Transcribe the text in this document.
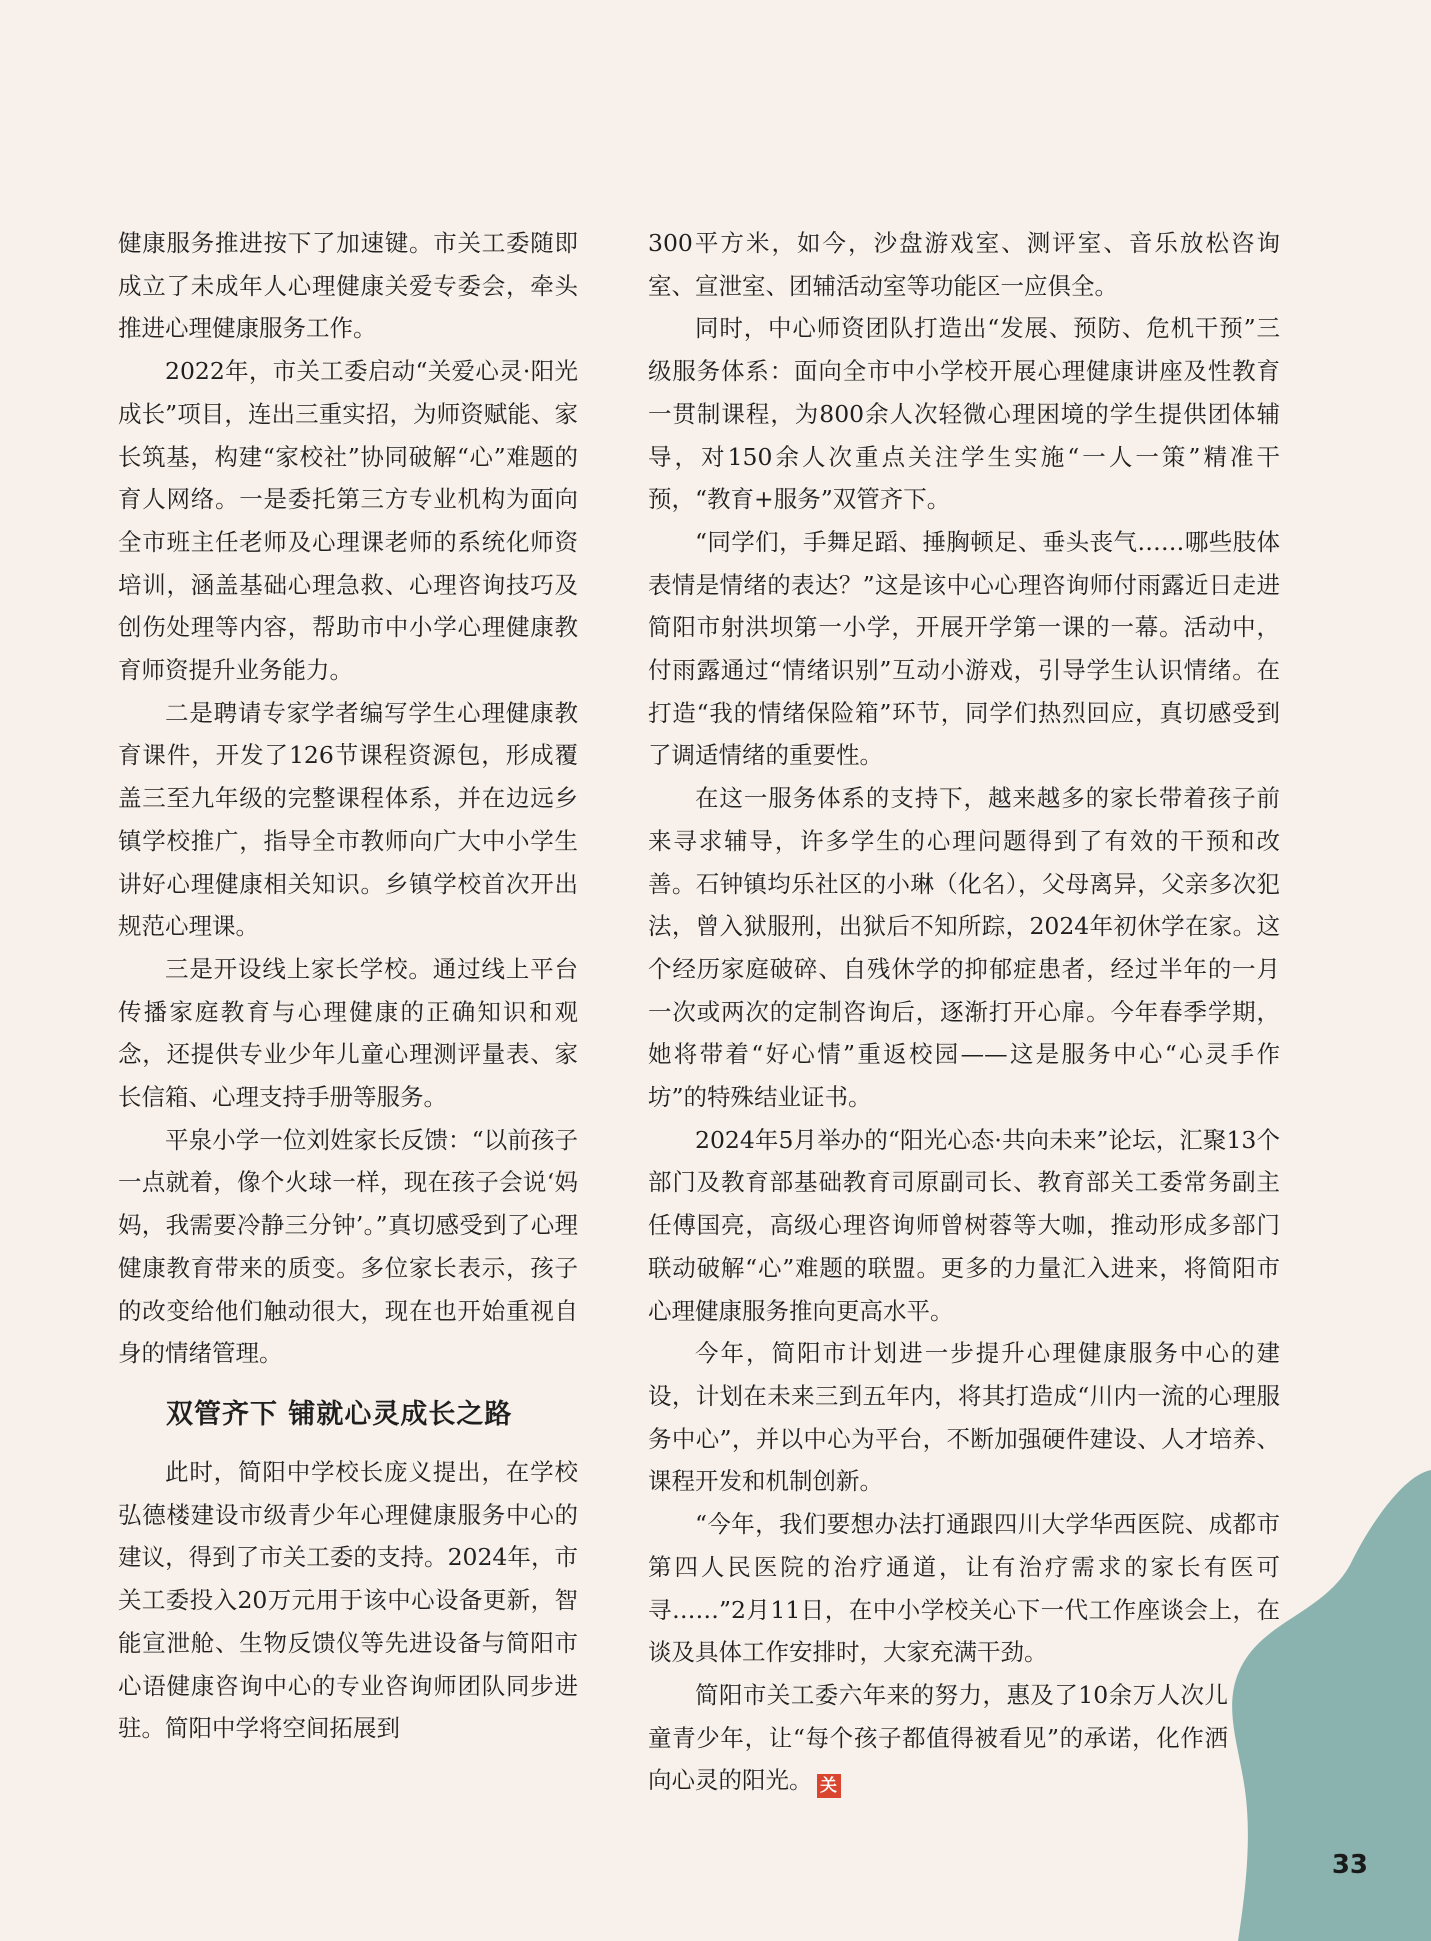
健康服务推进按下了加速键。市关工委随即成立了未成年人心理健康关爱专委会，牵头推进心理健康服务工作。

2022年，市关工委启动“关爱心灵·阳光成长”项目，连出三重实招，为师资赋能、家长筑基，构建“家校社”协同破解“心”难题的育人网络。一是委托第三方专业机构为面向全市班主任老师及心理课老师的系统化师资培训，涵盖基础心理急救、心理咨询技巧及创伤处理等内容，帮助市中小学心理健康教育师资提升业务能力。

二是聘请专家学者编写学生心理健康教育课件，开发了126节课程资源包，形成覆盖三至九年级的完整课程体系，并在边远乡镇学校推广，指导全市教师向广大中小学生讲好心理健康相关知识。乡镇学校首次开出规范心理课。

三是开设线上家长学校。通过线上平台传播家庭教育与心理健康的正确知识和观念，还提供专业少年儿童心理测评量表、家长信箱、心理支持手册等服务。

平泉小学一位刘姓家长反馈：“以前孩子一点就着，像个火球一样，现在孩子会说‘妈妈，我需要冷静三分钟’。”真切感受到了心理健康教育带来的质变。多位家长表示，孩子的改变给他们触动很大，现在也开始重视自身的情绪管理。

双管齐下 铺就心灵成长之路

此时，简阳中学校长庞义提出，在学校弘德楼建设市级青少年心理健康服务中心的建议，得到了市关工委的支持。2024年，市关工委投入20万元用于该中心设备更新，智能宣泄舱、生物反馈仪等先进设备与简阳市心语健康咨询中心的专业咨询师团队同步进驻。简阳中学将空间拓展到

300平方米，如今，沙盘游戏室、测评室、音乐放松咨询室、宣泄室、团辅活动室等功能区一应俱全。

同时，中心师资团队打造出“发展、预防、危机干预”三级服务体系：面向全市中小学校开展心理健康讲座及性教育一贯制课程，为800余人次轻微心理困境的学生提供团体辅导，对150余人次重点关注学生实施“一人一策”精准干预，“教育+服务”双管齐下。

“同学们，手舞足蹈、捶胸顿足、垂头丧气……哪些肢体表情是情绪的表达？”这是该中心心理咨询师付雨露近日走进简阳市射洪坝第一小学，开展开学第一课的一幕。活动中，付雨露通过“情绪识别”互动小游戏，引导学生认识情绪。在打造“我的情绪保险箱”环节，同学们热烈回应，真切感受到了调适情绪的重要性。

在这一服务体系的支持下，越来越多的家长带着孩子前来寻求辅导，许多学生的心理问题得到了有效的干预和改善。石钟镇均乐社区的小琳（化名），父母离异，父亲多次犯法，曾入狱服刑，出狱后不知所踪，2024年初休学在家。这个经历家庭破碎、自残休学的抑郁症患者，经过半年的一月一次或两次的定制咨询后，逐渐打开心扉。今年春季学期，她将带着“好心情”重返校园——这是服务中心“心灵手作坊”的特殊结业证书。

2024年5月举办的“阳光心态·共向未来”论坛，汇聚13个部门及教育部基础教育司原副司长、教育部关工委常务副主任傅国亮，高级心理咨询师曾树蓉等大咖，推动形成多部门联动破解“心”难题的联盟。更多的力量汇入进来，将简阳市心理健康服务推向更高水平。

今年，简阳市计划进一步提升心理健康服务中心的建设，计划在未来三到五年内，将其打造成“川内一流的心理服务中心”，并以中心为平台，不断加强硬件建设、人才培养、课程开发和机制创新。

“今年，我们要想办法打通跟四川大学华西医院、成都市第四人民医院的治疗通道，让有治疗需求的家长有医可寻……”2月11日，在中小学校关心下一代工作座谈会上，在谈及具体工作安排时，大家充满干劲。

简阳市关工委六年来的努力，惠及了10余万人次儿童青少年，让“每个孩子都值得被看见”的承诺，化作洒向心灵的阳光。 关

33
